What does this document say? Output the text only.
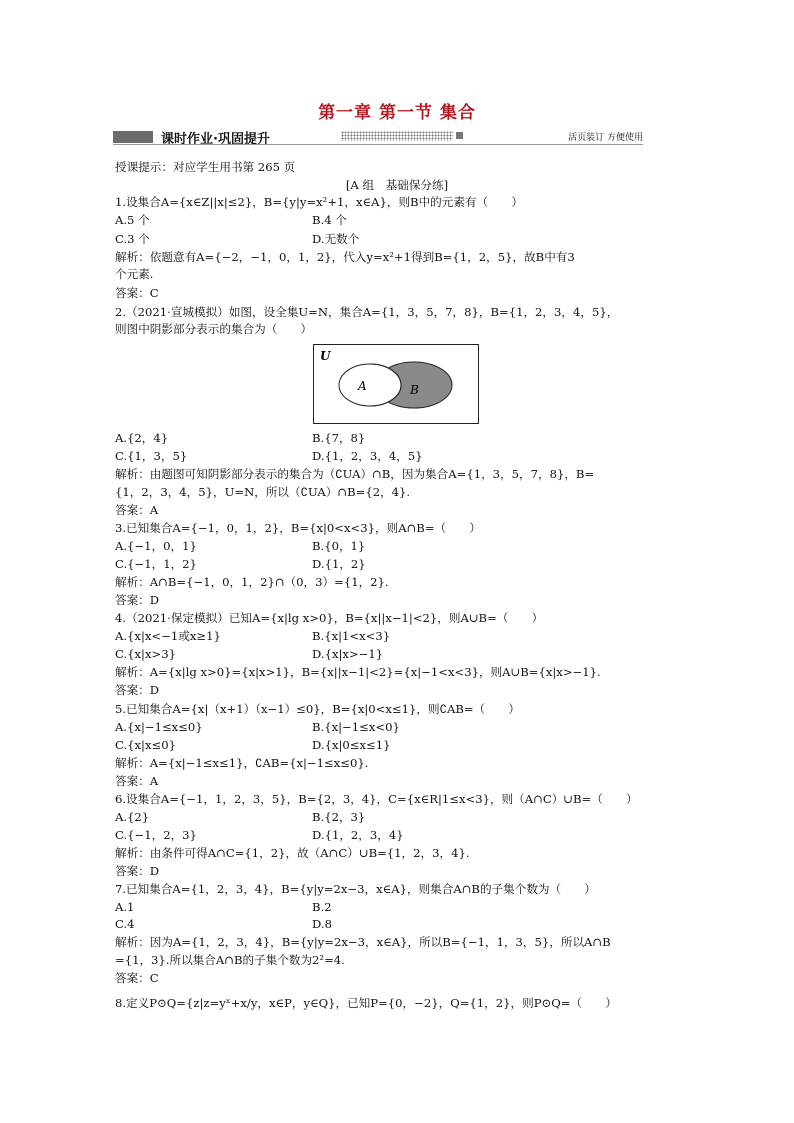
第一章 第一节 集合
课时作业·巩固提升	活页装订 方便使用
授课提示：对应学生用书第 265 页
[A 组　基础保分练]
1.设集合A={x∈Z||x|≤2}，B={y|y=x²+1，x∈A}，则B中的元素有（　　）
A.5 个	B.4 个
C.3 个	D.无数个
解析：依题意有A={−2，−1，0，1，2}，代入y=x²+1得到B={1，2，5}，故B中有3
个元素.
答案：C
2.（2021·宣城模拟）如图，设全集U=N，集合A={1，3，5，7，8}，B={1，2，3，4，5}，
则图中阴影部分表示的集合为（　　）
U
A	B
A.{2，4}	B.{7，8}
C.{1，3，5}	D.{1，2，3，4，5}
解析：由题图可知阴影部分表示的集合为（∁UA）∩B，因为集合A={1，3，5，7，8}，B=
{1，2，3，4，5}，U=N，所以（∁UA）∩B={2，4}.
答案：A
3.已知集合A={−1，0，1，2}，B={x|0<x<3}，则A∩B=（　　）
A.{−1，0，1}	B.{0，1}
C.{−1，1，2}	D.{1，2}
解析：A∩B={−1，0，1，2}∩（0，3）={1，2}.
答案：D
4.（2021·保定模拟）已知A={x|lg x>0}，B={x||x−1|<2}，则A∪B=（　　）
A.{x|x<−1或x≥1}	B.{x|1<x<3}
C.{x|x>3}	D.{x|x>−1}
解析：A={x|lg x>0}={x|x>1}，B={x||x−1|<2}={x|−1<x<3}，则A∪B={x|x>−1}.
答案：D
5.已知集合A={x|（x+1）（x−1）≤0}，B={x|0<x≤1}，则∁AB=（　　）
A.{x|−1≤x≤0}	B.{x|−1≤x<0}
C.{x|x≤0}	D.{x|0≤x≤1}
解析：A={x|−1≤x≤1}，∁AB={x|−1≤x≤0}.
答案：A
6.设集合A={−1，1，2，3，5}，B={2，3，4}，C={x∈R|1≤x<3}，则（A∩C）∪B=（　　）
A.{2}	B.{2，3}
C.{−1，2，3}	D.{1，2，3，4}
解析：由条件可得A∩C={1，2}，故（A∩C）∪B={1，2，3，4}.
答案：D
7.已知集合A={1，2，3，4}，B={y|y=2x−3，x∈A}，则集合A∩B的子集个数为（　　）
A.1	B.2
C.4	D.8
解析：因为A={1，2，3，4}，B={y|y=2x−3，x∈A}，所以B={−1，1，3，5}，所以A∩B
={1，3}.所以集合A∩B的子集个数为2²=4.
答案：C
8.定义P⊙Q={z|z=yˣ+x/y，x∈P，y∈Q}，已知P={0，−2}，Q={1，2}，则P⊙Q=（　　）
